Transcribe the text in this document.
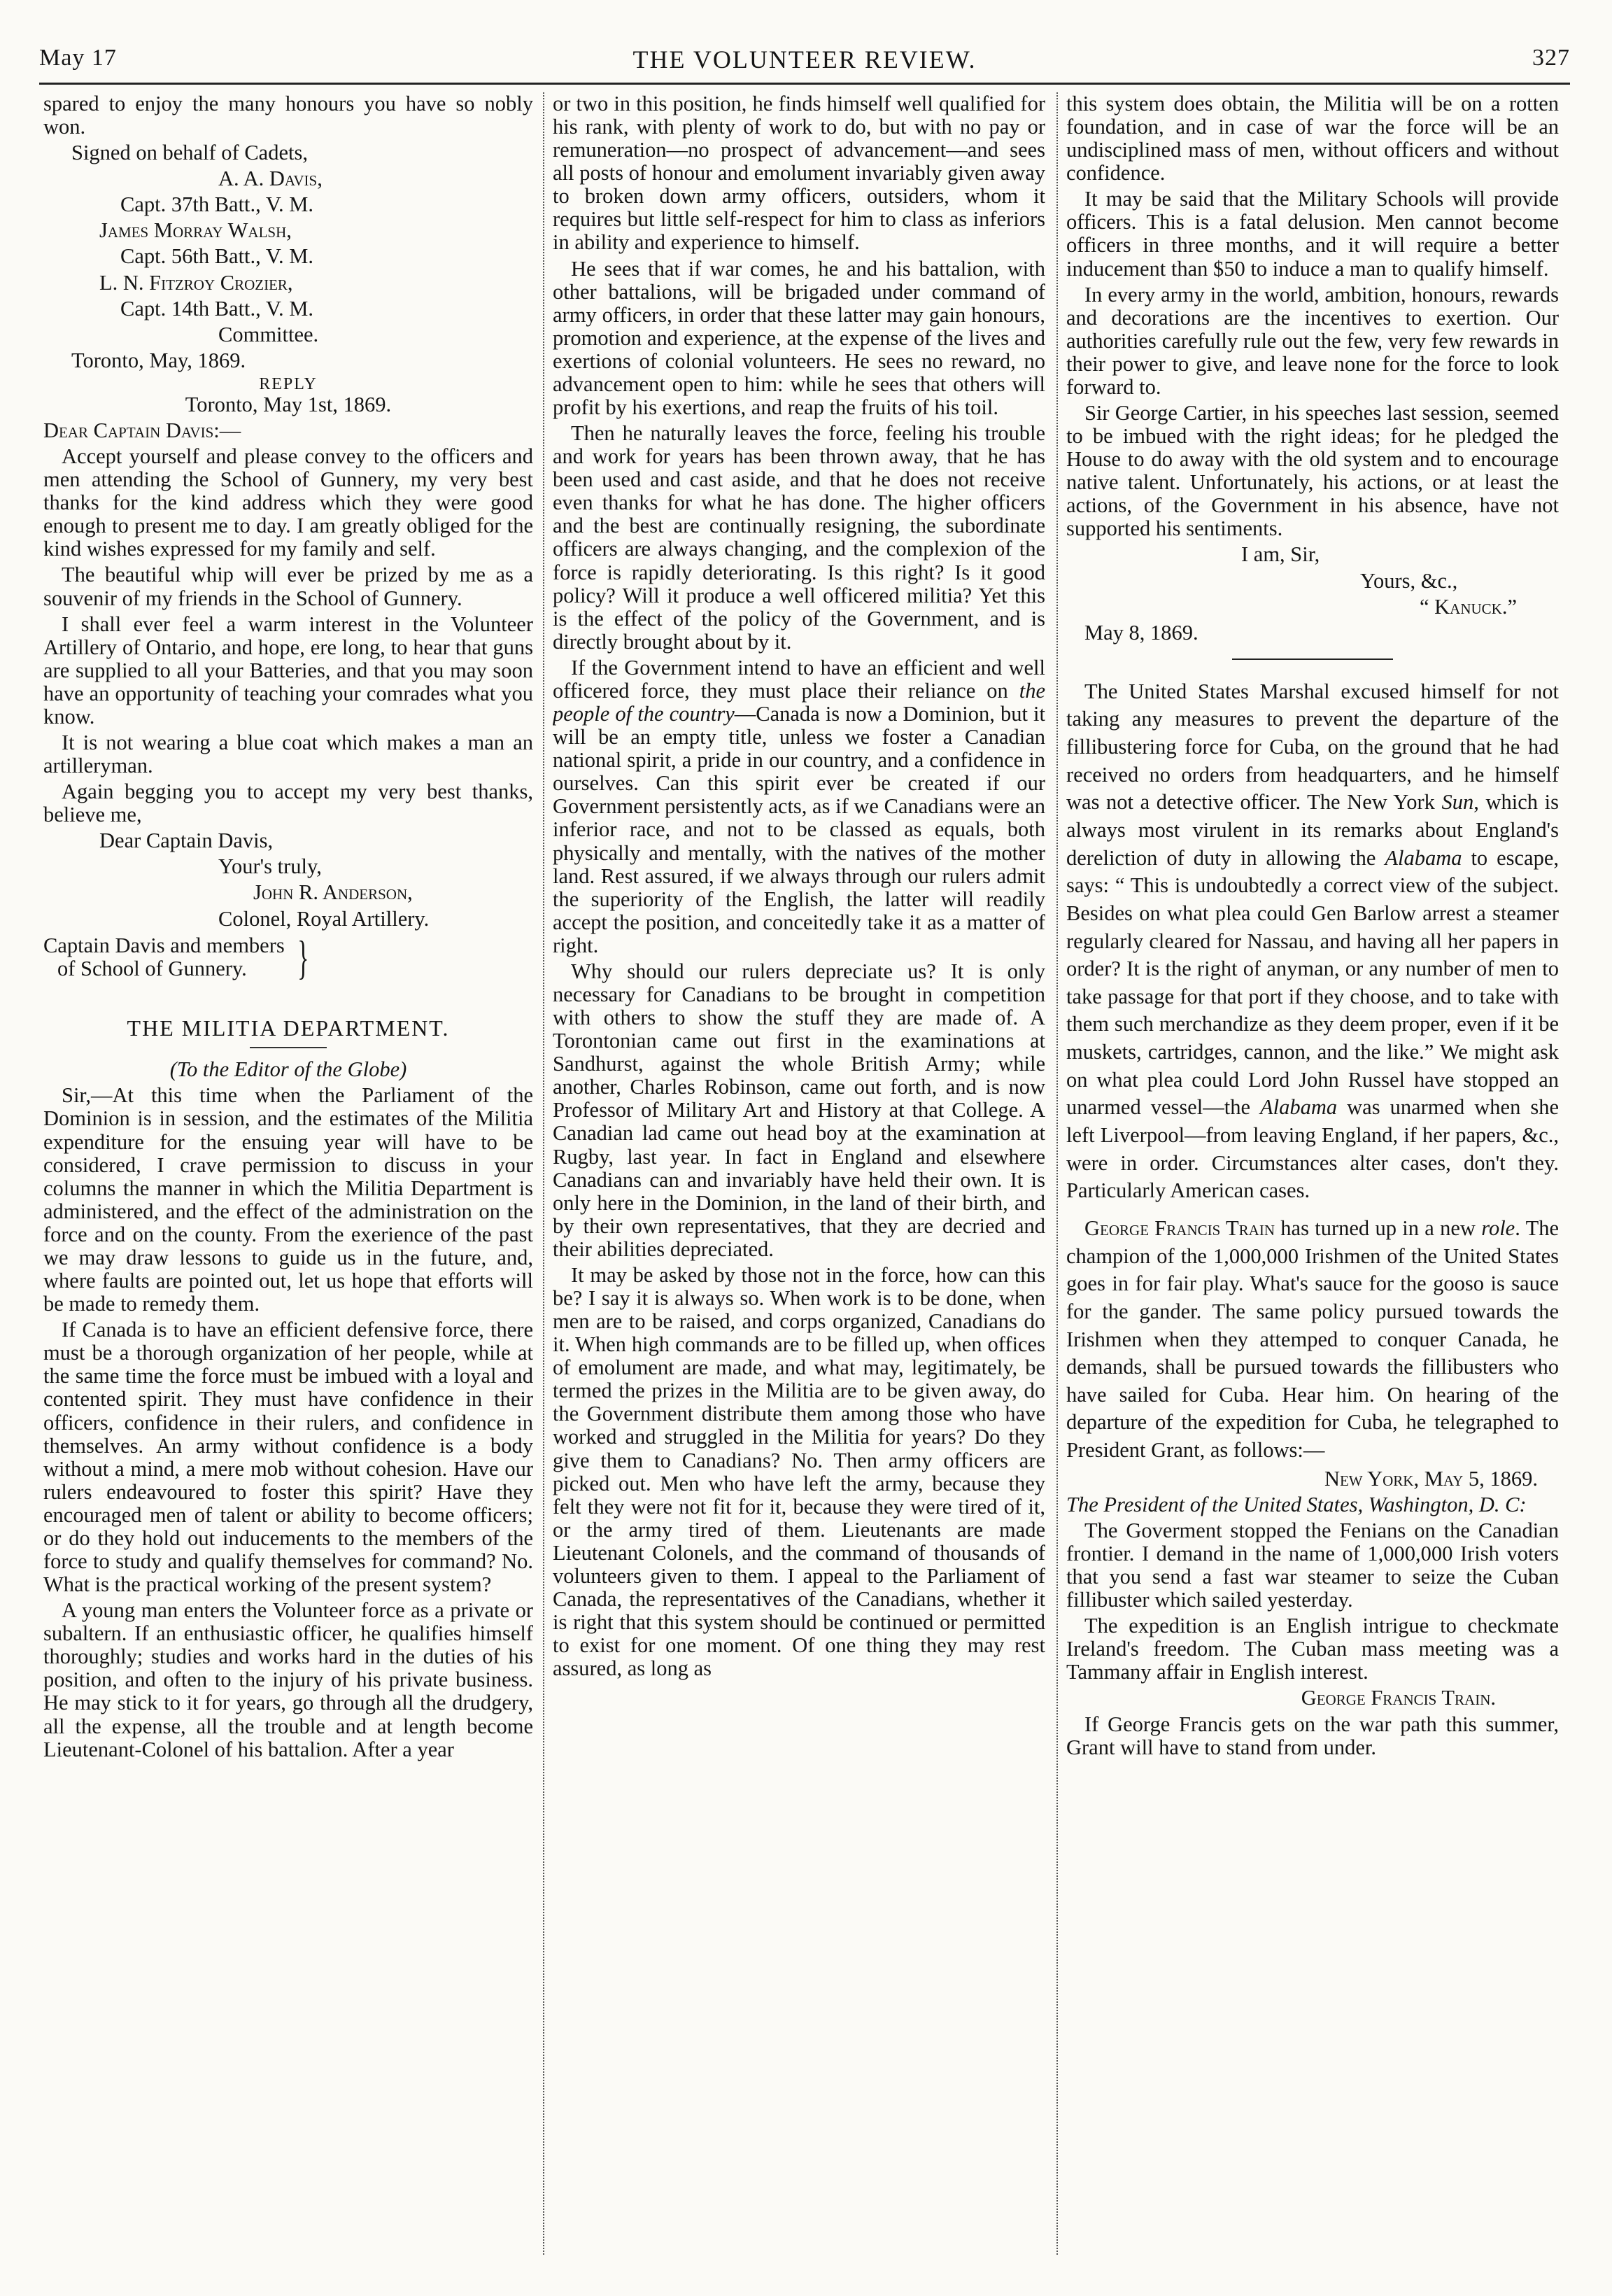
May 17	THE VOLUNTEER REVIEW.	327

spared to enjoy the many honours you have so nobly won.

Signed on behalf of Cadets,

A. A. Davis,

Capt. 37th Batt., V. M.

James Morray Walsh,

Capt. 56th Batt., V. M.

L. N. Fitzroy Crozier,

Capt. 14th Batt., V. M.

Committee.

Toronto, May, 1869.

REPLY

Toronto, May 1st, 1869.

Dear Captain Davis:—

Accept yourself and please convey to the officers and men attending the School of Gunnery, my very best thanks for the kind address which they were good enough to present me to day. I am greatly obliged for the kind wishes expressed for my family and self.

The beautiful whip will ever be prized by me as a souvenir of my friends in the School of Gunnery.

I shall ever feel a warm interest in the Volunteer Artillery of Ontario, and hope, ere long, to hear that guns are supplied to all your Batteries, and that you may soon have an opportunity of teaching your comrades what you know.

It is not wearing a blue coat which makes a man an artilleryman.

Again begging you to accept my very best thanks, believe me,

Dear Captain Davis,

Your's truly,

John R. Anderson,

Colonel, Royal Artillery.

Captain Davis and members
of School of Gunnery.	}
THE MILITIA DEPARTMENT.

(To the Editor of the Globe)

Sir,—At this time when the Parliament of the Dominion is in session, and the estimates of the Militia expenditure for the ensuing year will have to be considered, I crave permission to discuss in your columns the manner in which the Militia Department is administered, and the effect of the administration on the force and on the county. From the exerience of the past we may draw lessons to guide us in the future, and, where faults are pointed out, let us hope that efforts will be made to remedy them.

If Canada is to have an efficient defensive force, there must be a thorough organization of her people, while at the same time the force must be imbued with a loyal and contented spirit. They must have confidence in their officers, confidence in their rulers, and confidence in themselves. An army without confidence is a body without a mind, a mere mob without cohesion. Have our rulers endeavoured to foster this spirit? Have they encouraged men of talent or ability to become officers; or do they hold out inducements to the members of the force to study and qualify themselves for command? No. What is the practical working of the present system?

A young man enters the Volunteer force as a private or subaltern. If an enthusiastic officer, he qualifies himself thoroughly; studies and works hard in the duties of his position, and often to the injury of his private business. He may stick to it for years, go through all the drudgery, all the expense, all the trouble and at length become Lieutenant-Colonel of his battalion. After a year

or two in this position, he finds himself well qualified for his rank, with plenty of work to do, but with no pay or remuneration—no prospect of advancement—and sees all posts of honour and emolument invariably given away to broken down army officers, outsiders, whom it requires but little self-respect for him to class as inferiors in ability and experience to himself.

He sees that if war comes, he and his battalion, with other battalions, will be brigaded under command of army officers, in order that these latter may gain honours, promotion and experience, at the expense of the lives and exertions of colonial volunteers. He sees no reward, no advancement open to him: while he sees that others will profit by his exertions, and reap the fruits of his toil.

Then he naturally leaves the force, feeling his trouble and work for years has been thrown away, that he has been used and cast aside, and that he does not receive even thanks for what he has done. The higher officers and the best are continually resigning, the subordinate officers are always changing, and the complexion of the force is rapidly deteriorating. Is this right? Is it good policy? Will it produce a well officered militia? Yet this is the effect of the policy of the Government, and is directly brought about by it.

If the Government intend to have an efficient and well officered force, they must place their reliance on the people of the country—Canada is now a Dominion, but it will be an empty title, unless we foster a Canadian national spirit, a pride in our country, and a confidence in ourselves. Can this spirit ever be created if our Government persistently acts, as if we Canadians were an inferior race, and not to be classed as equals, both physically and mentally, with the natives of the mother land. Rest assured, if we always through our rulers admit the superiority of the English, the latter will readily accept the position, and conceitedly take it as a matter of right.

Why should our rulers depreciate us? It is only necessary for Canadians to be brought in competition with others to show the stuff they are made of. A Torontonian came out first in the examinations at Sandhurst, against the whole British Army; while another, Charles Robinson, came out forth, and is now Professor of Military Art and History at that College. A Canadian lad came out head boy at the examination at Rugby, last year. In fact in England and elsewhere Canadians can and invariably have held their own. It is only here in the Dominion, in the land of their birth, and by their own representatives, that they are decried and their abilities depreciated.

It may be asked by those not in the force, how can this be? I say it is always so. When work is to be done, when men are to be raised, and corps organized, Canadians do it. When high commands are to be filled up, when offices of emolument are made, and what may, legitimately, be termed the prizes in the Militia are to be given away, do the Government distribute them among those who have worked and struggled in the Militia for years? Do they give them to Canadians? No. Then army officers are picked out. Men who have left the army, because they felt they were not fit for it, because they were tired of it, or the army tired of them. Lieutenants are made Lieutenant Colonels, and the command of thousands of volunteers given to them. I appeal to the Parliament of Canada, the representatives of the Canadians, whether it is right that this system should be continued or permitted to exist for one moment. Of one thing they may rest assured, as long as

this system does obtain, the Militia will be on a rotten foundation, and in case of war the force will be an undisciplined mass of men, without officers and without confidence.

It may be said that the Military Schools will provide officers. This is a fatal delusion. Men cannot become officers in three months, and it will require a better inducement than $50 to induce a man to qualify himself.

In every army in the world, ambition, honours, rewards and decorations are the incentives to exertion. Our authorities carefully rule out the few, very few rewards in their power to give, and leave none for the force to look forward to.

Sir George Cartier, in his speeches last session, seemed to be imbued with the right ideas; for he pledged the House to do away with the old system and to encourage native talent. Unfortunately, his actions, or at least the actions, of the Government in his absence, have not supported his sentiments.

I am, Sir,

Yours, &c.,

“ Kanuck.”

May 8, 1869.

The United States Marshal excused himself for not taking any measures to prevent the departure of the fillibustering force for Cuba, on the ground that he had received no orders from headquarters, and he himself was not a detective officer. The New York Sun, which is always most virulent in its remarks about England's dereliction of duty in allowing the Alabama to escape, says: “ This is undoubtedly a correct view of the subject. Besides on what plea could Gen Barlow arrest a steamer regularly cleared for Nassau, and having all her papers in order? It is the right of anyman, or any number of men to take passage for that port if they choose, and to take with them such merchandize as they deem proper, even if it be muskets, cartridges, cannon, and the like.” We might ask on what plea could Lord John Russel have stopped an unarmed vessel—the Alabama was unarmed when she left Liverpool—from leaving England, if her papers, &c., were in order. Circumstances alter cases, don't they. Particularly American cases.

George Francis Train has turned up in a new role. The champion of the 1,000,000 Irishmen of the United States goes in for fair play. What's sauce for the gooso is sauce for the gander. The same policy pursued towards the Irishmen when they attemped to conquer Canada, he demands, shall be pursued towards the fillibusters who have sailed for Cuba. Hear him. On hearing of the departure of the expedition for Cuba, he telegraphed to President Grant, as follows:—

New York, May 5, 1869.

The President of the United States, Washington, D. C:

The Goverment stopped the Fenians on the Canadian frontier. I demand in the name of 1,000,000 Irish voters that you send a fast war steamer to seize the Cuban fillibuster which sailed yesterday.

The expedition is an English intrigue to checkmate Ireland's freedom. The Cuban mass meeting was a Tammany affair in English interest.

George Francis Train.

If George Francis gets on the war path this summer, Grant will have to stand from under.
